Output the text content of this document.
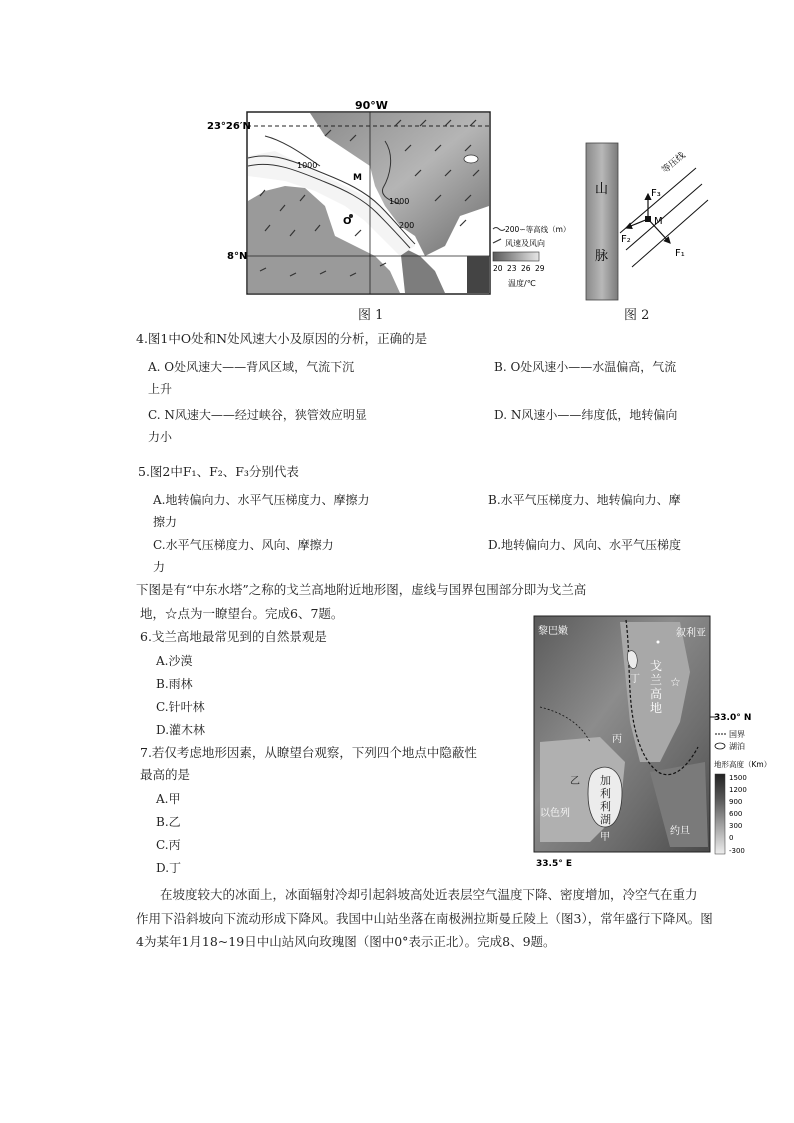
90°W
23°26′N
8°N
1000
1000
200
M
O
N
200∽等高线（m）
风速及风向
20 23 26 29
温度/℃
图 1
山
脉
等压线
M
F₃
F₂
F₁
图 2
4.图1中O处和N处风速大小及原因的分析，正确的是
A. O处风速大——背风区域，气流下沉	B. O处风速小——水温偏高，气流
上升
C. N风速大——经过峡谷，狭管效应明显	D. N风速小——纬度低，地转偏向
力小
5.图2中F₁、F₂、F₃分别代表
A.地转偏向力、水平气压梯度力、摩擦力	B.水平气压梯度力、地转偏向力、摩
擦力
C.水平气压梯度力、风向、摩擦力	D.地转偏向力、风向、水平气压梯度
力
下图是有“中东水塔”之称的戈兰高地附近地形图，虚线与国界包围部分即为戈兰高
地，☆点为一瞭望台。完成6、7题。
6.戈兰高地最常见到的自然景观是
A.沙漠
B.雨林
C.针叶林
D.灌木林
7.若仅考虑地形因素，从瞭望台观察，下列四个地点中隐蔽性
最高的是
A.甲
B.乙
C.丙
D.丁
☆
黎巴嫩	叙利亚
丁
丙
乙
甲
以色列
约旦
戈
兰
高
地
加
利
利
湖
33.0° N
33.5° E
国界
湖泊
地形高度（Km）
1500
1200
900
600
300
0
-300
在坡度较大的冰面上，冰面辐射冷却引起斜坡高处近表层空气温度下降、密度增加，冷空气在重力
作用下沿斜坡向下流动形成下降风。我国中山站坐落在南极洲拉斯曼丘陵上（图3），常年盛行下降风。图
4为某年1月18~19日中山站风向玫瑰图（图中0°表示正北）。完成8、9题。
